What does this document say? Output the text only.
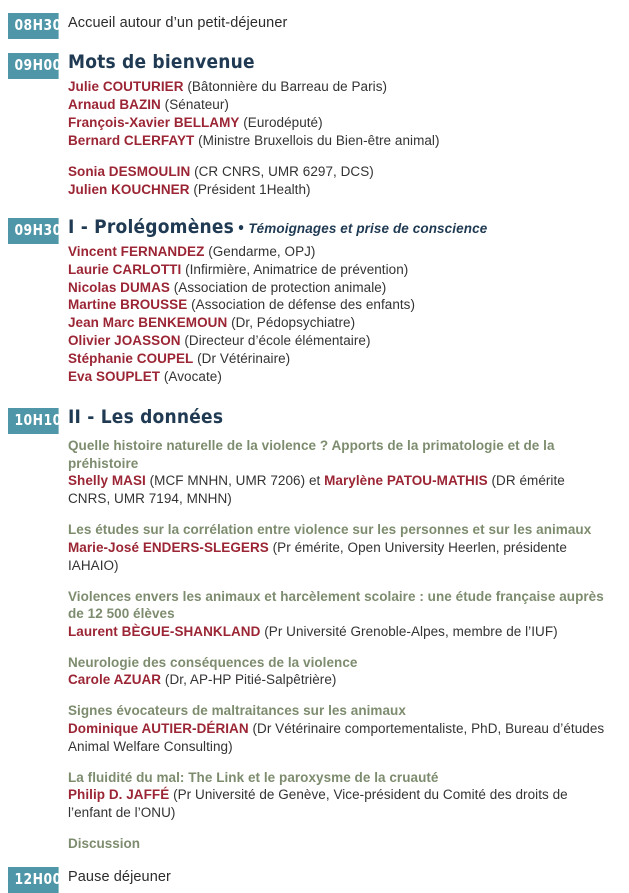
08H30 Accueil autour d’un petit-déjeuner
09H00 Mots de bienvenue
Julie COUTURIER (Bâtonnière du Barreau de Paris)
Arnaud BAZIN (Sénateur)
François-Xavier BELLAMY (Eurodéputé)
Bernard CLERFAYT (Ministre Bruxellois du Bien-être animal)
Sonia DESMOULIN (CR CNRS, UMR 6297, DCS)
Julien KOUCHNER (Président 1Health)
09H30 I - Prolégomènes • Témoignages et prise de conscience
Vincent FERNANDEZ (Gendarme, OPJ)
Laurie CARLOTTI (Infirmière, Animatrice de prévention)
Nicolas DUMAS (Association de protection animale)
Martine BROUSSE (Association de défense des enfants)
Jean Marc BENKEMOUN (Dr, Pédopsychiatre)
Olivier JOASSON (Directeur d’école élémentaire)
Stéphanie COUPEL (Dr Vétérinaire)
Eva SOUPLET (Avocate)
10H10 II - Les données
Quelle histoire naturelle de la violence ? Apports de la primatologie et de la préhistoire
Shelly MASI (MCF MNHN, UMR 7206) et Marylène PATOU-MATHIS (DR émérite CNRS, UMR 7194, MNHN)
Les études sur la corrélation entre violence sur les personnes et sur les animaux
Marie-José ENDERS-SLEGERS (Pr émérite, Open University Heerlen, présidente IAHAIO)
Violences envers les animaux et harcèlement scolaire : une étude française auprès de 12 500 élèves
Laurent BÈGUE-SHANKLAND (Pr Université Grenoble-Alpes, membre de l’IUF)
Neurologie des conséquences de la violence
Carole AZUAR (Dr, AP-HP Pitié-Salpêtrière)
Signes évocateurs de maltraitances sur les animaux
Dominique AUTIER-DÉRIAN (Dr Vétérinaire comportementaliste, PhD, Bureau d’études Animal Welfare Consulting)
La fluidité du mal: The Link et le paroxysme de la cruauté
Philip D. JAFFÉ (Pr Université de Genève, Vice-président du Comité des droits de l’enfant de l’ONU)
Discussion
12H00 Pause déjeuner
